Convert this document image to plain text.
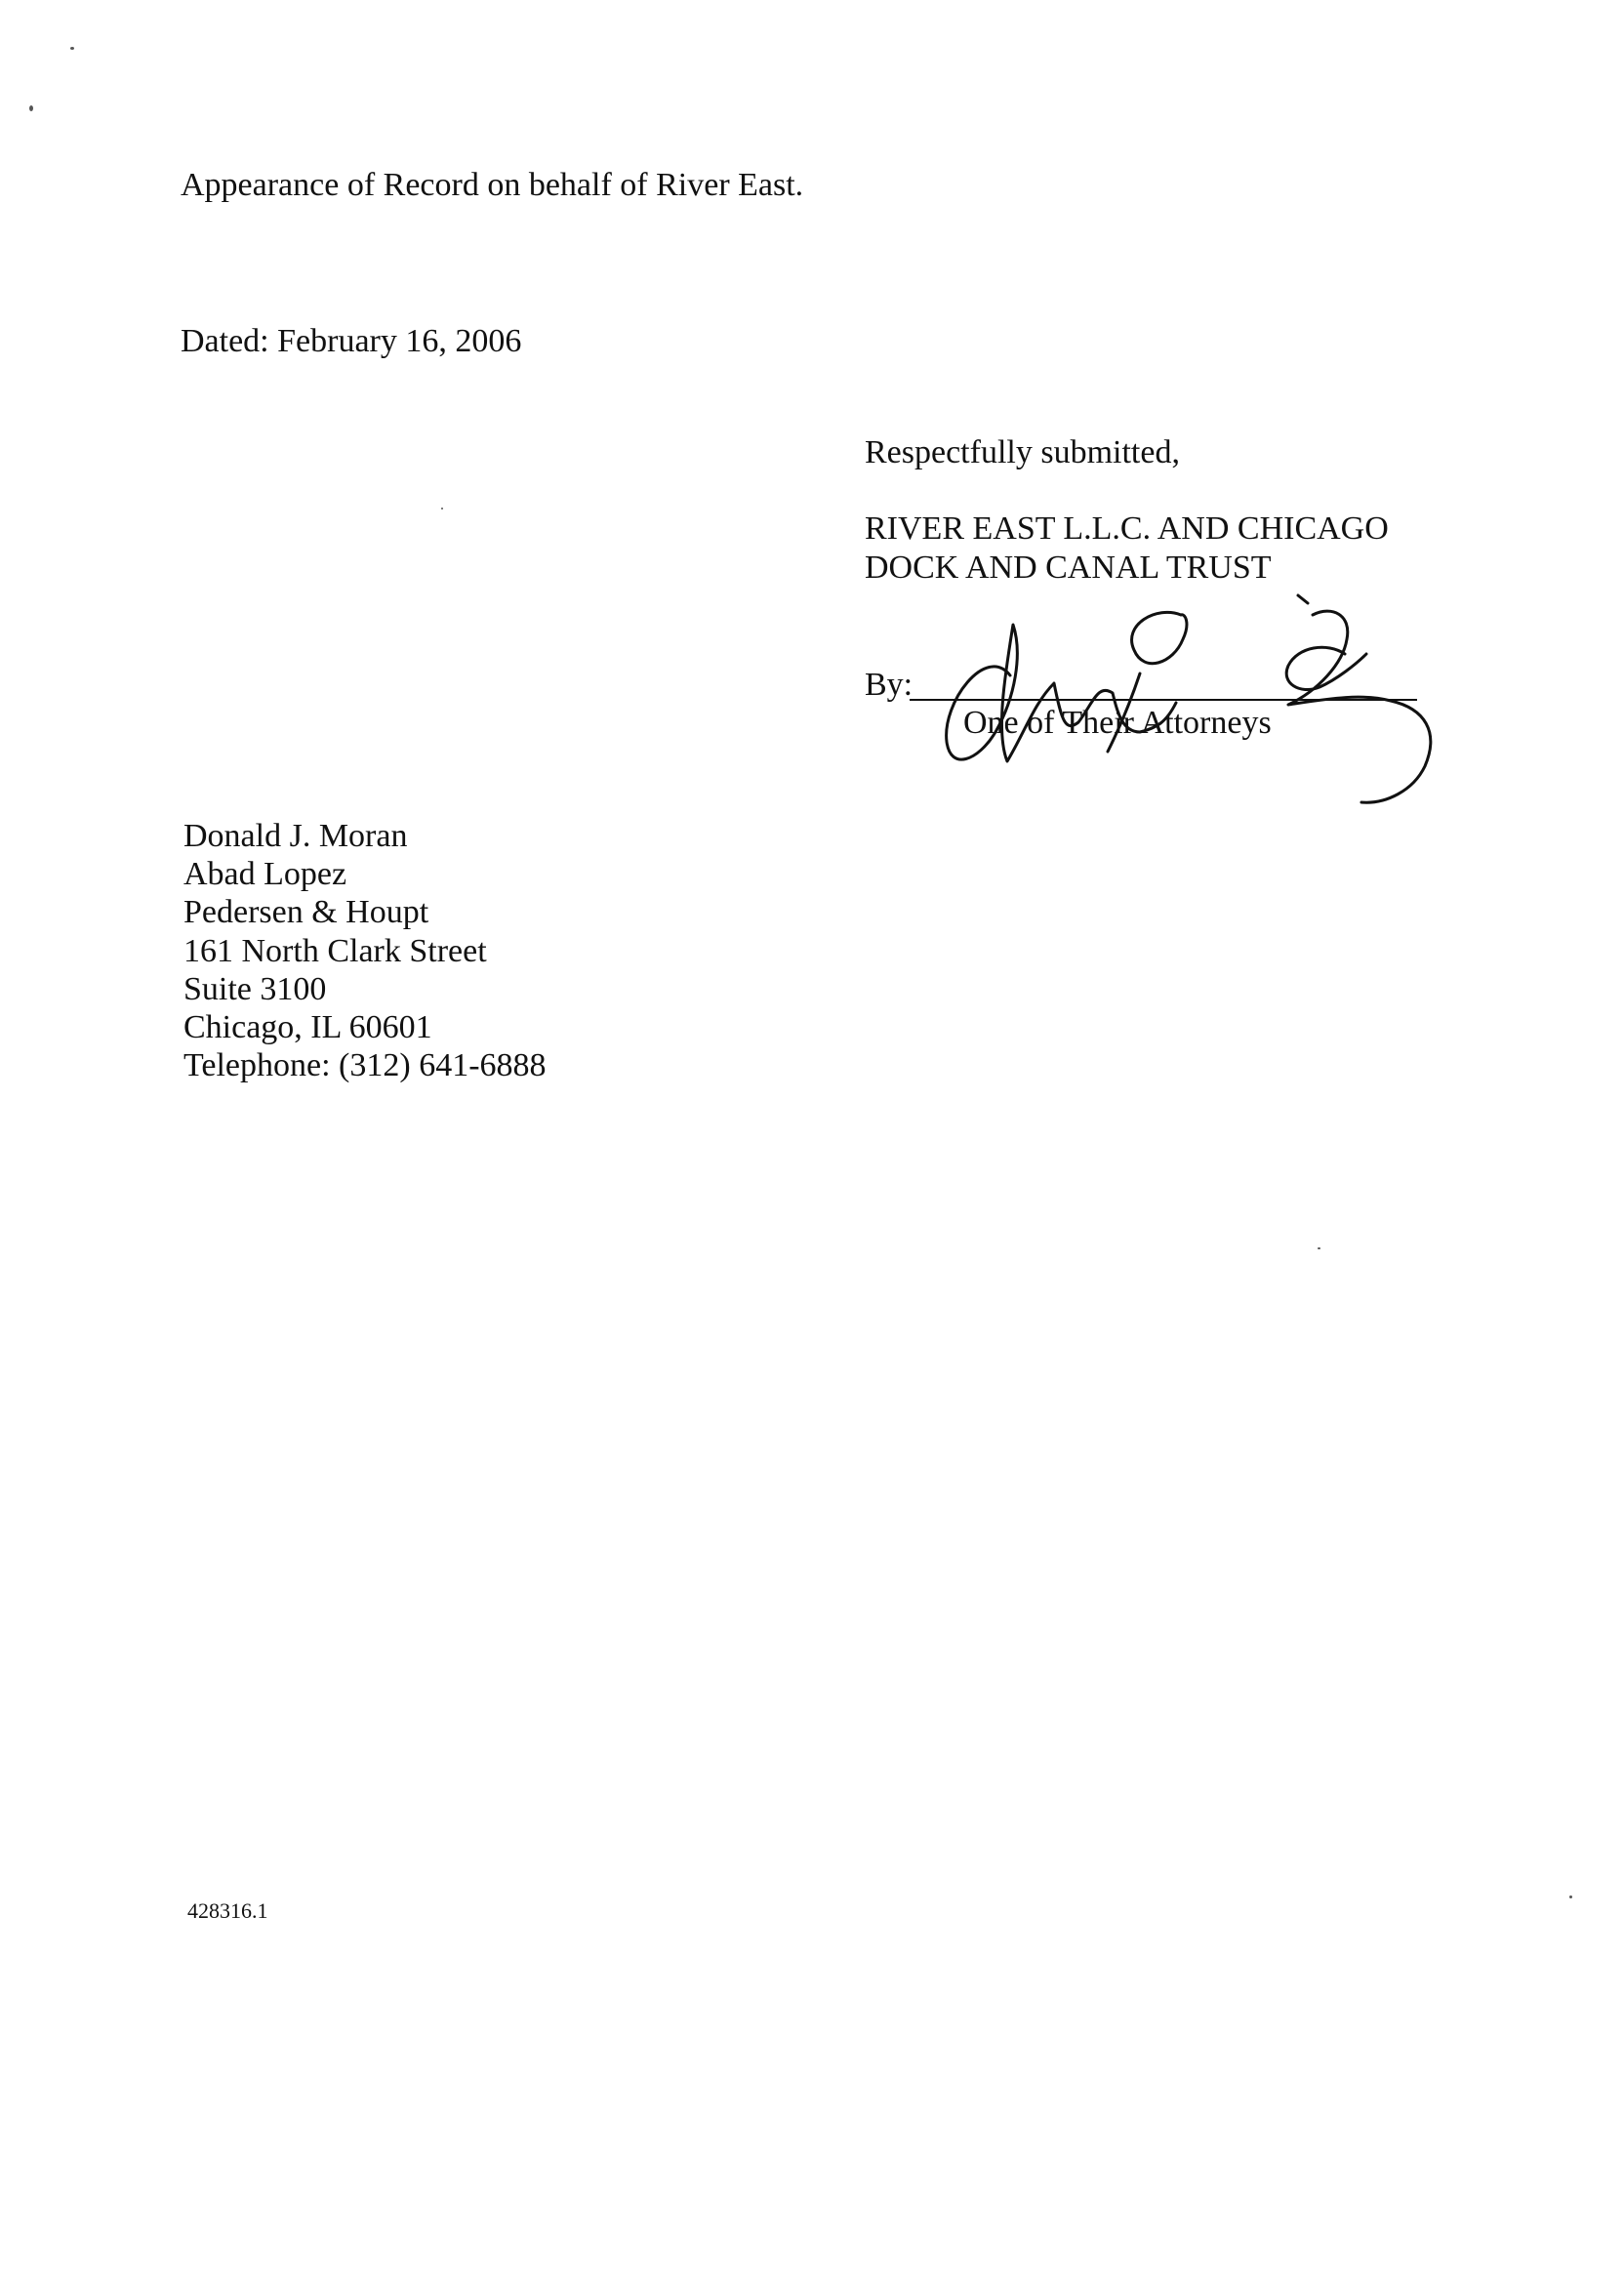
Appearance of Record on behalf of River East.

Dated: February 16, 2006

Respectfully submitted,

RIVER EAST L.L.C. AND CHICAGO
DOCK AND CANAL TRUST
By:
One of Their Attorneys
Donald J. Moran
Abad Lopez
Pedersen & Houpt
161 North Clark Street
Suite 3100
Chicago, IL 60601
Telephone: (312) 641-6888
428316.1
